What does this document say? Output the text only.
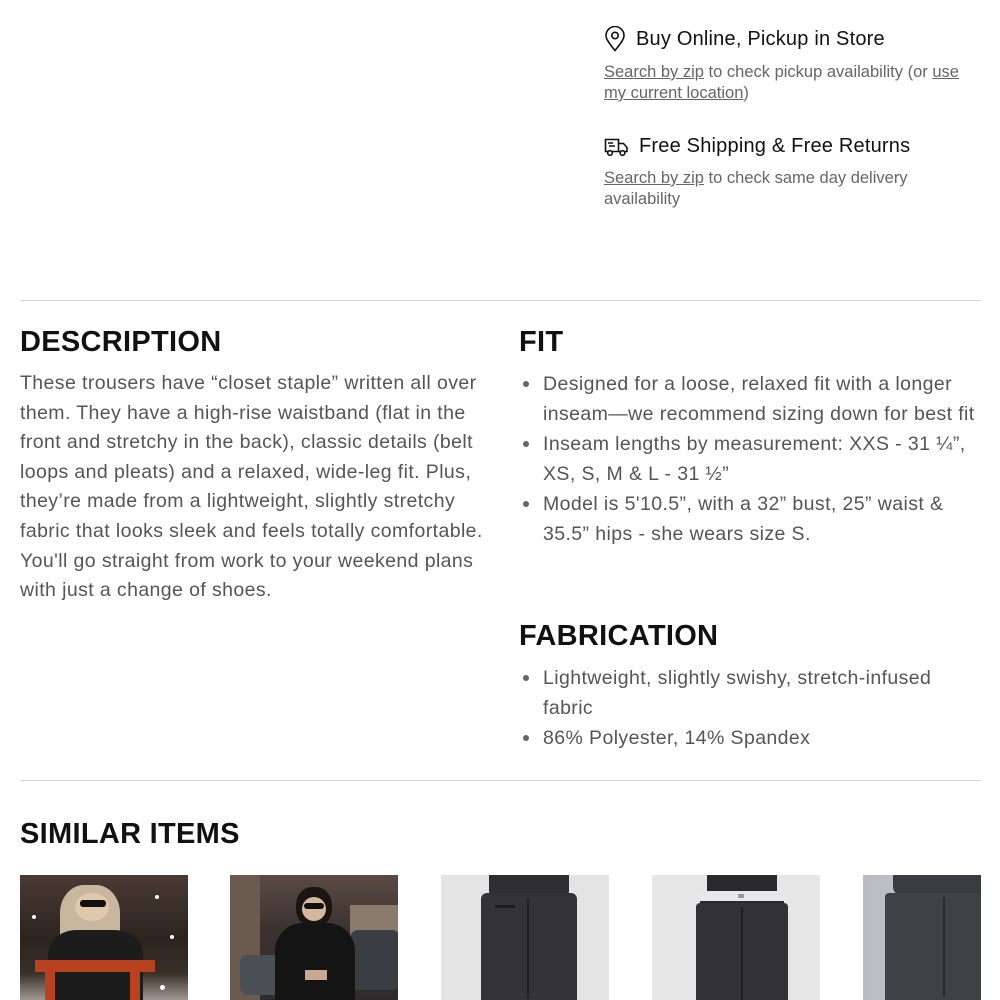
Buy Online, Pickup in Store
Search by zip to check pickup availability (or use my current location)
Free Shipping & Free Returns
Search by zip to check same day delivery availability
DESCRIPTION

These trousers have “closet staple” written all over them. They have a high-rise waistband (flat in the front and stretchy in the back), classic details (belt loops and pleats) and a relaxed, wide-leg fit. Plus, they’re made from a lightweight, slightly stretchy fabric that looks sleek and feels totally comfortable. You'll go straight from work to your weekend plans with just a change of shoes.

FIT
Designed for a loose, relaxed fit with a longer inseam—we recommend sizing down for best fit
Inseam lengths by measurement: XXS - 31 ¼”, XS, S, M & L - 31 ½”
Model is 5'10.5”, with a 32” bust, 25” waist & 35.5” hips - she wears size S.
FABRICATION
Lightweight, slightly swishy, stretch-infused fabric
86% Polyester, 14% Spandex
SIMILAR ITEMS
